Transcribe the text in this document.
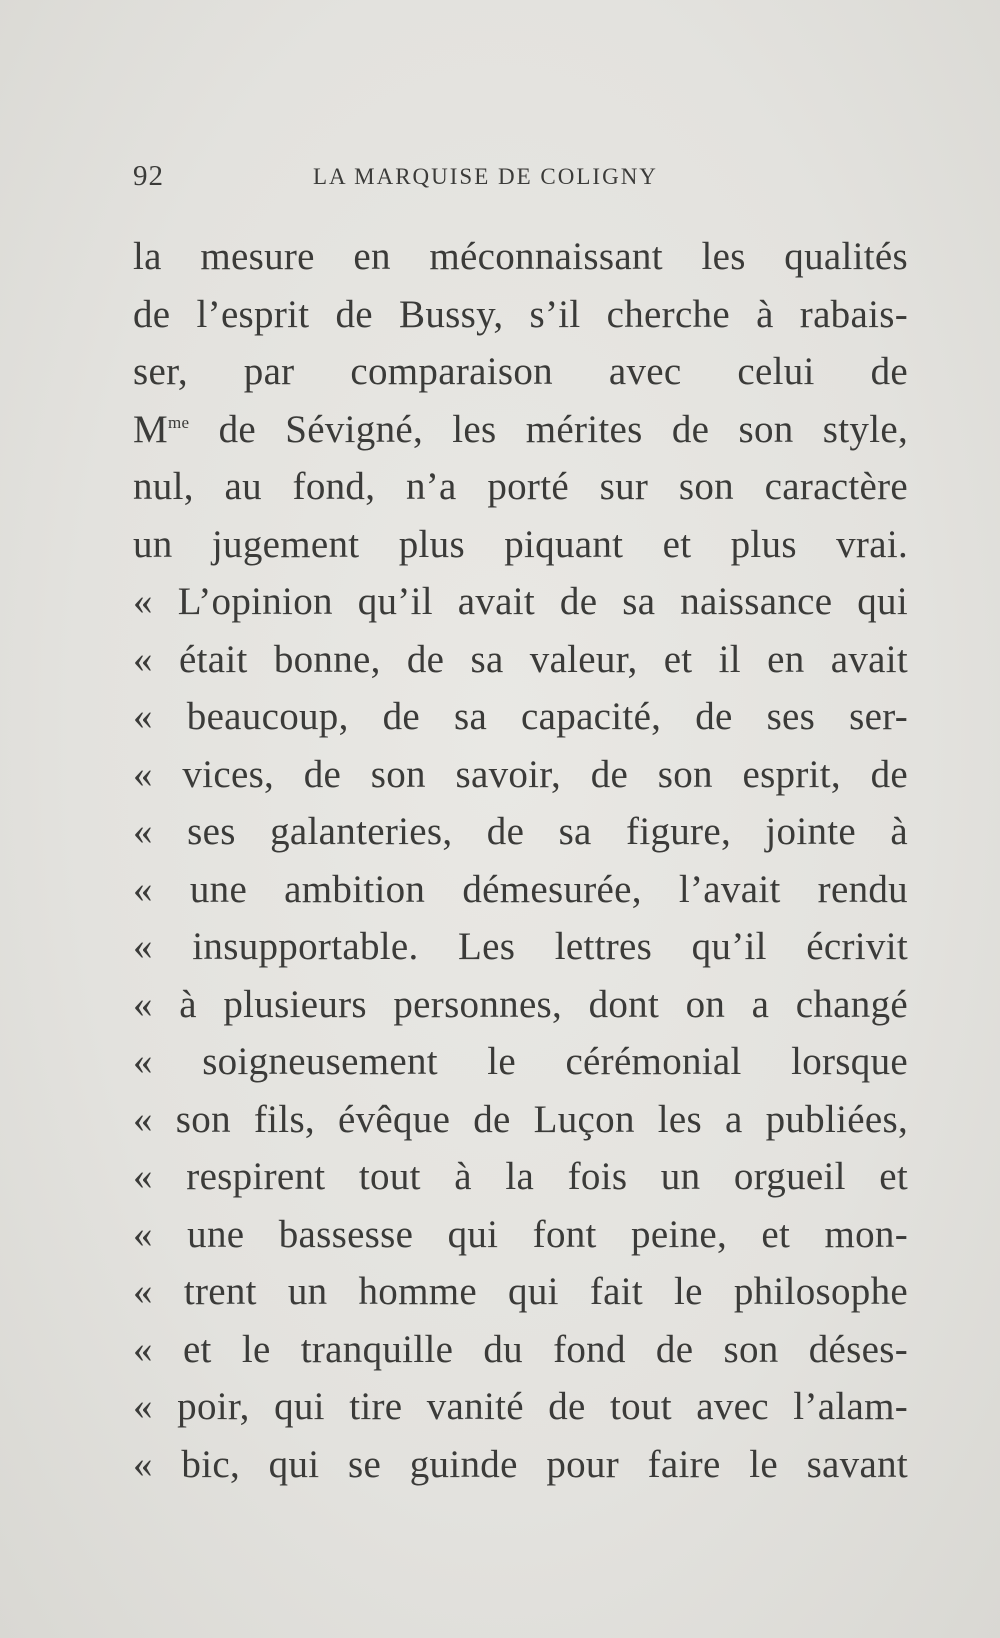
92	LA MARQUISE DE COLIGNY
la mesure en méconnaissant les qualités
de l’esprit de Bussy, s’il cherche à rabais-
ser, par comparaison avec celui de
$M^{me}$ de Sévigné, les mérites de son style,
nul, au fond, n’a porté sur son caractère
un jugement plus piquant et plus vrai.
« L’opinion qu’il avait de sa naissance qui
« était bonne, de sa valeur, et il en avait
« beaucoup, de sa capacité, de ses ser-
« vices, de son savoir, de son esprit, de
« ses galanteries, de sa figure, jointe à
« une ambition démesurée, l’avait rendu
« insupportable. Les lettres qu’il écrivit
« à plusieurs personnes, dont on a changé
« soigneusement le cérémonial lorsque
« son fils, évêque de Luçon les a publiées,
« respirent tout à la fois un orgueil et
« une bassesse qui font peine, et mon-
« trent un homme qui fait le philosophe
« et le tranquille du fond de son déses-
« poir, qui tire vanité de tout avec l’alam-
« bic, qui se guinde pour faire le savant
